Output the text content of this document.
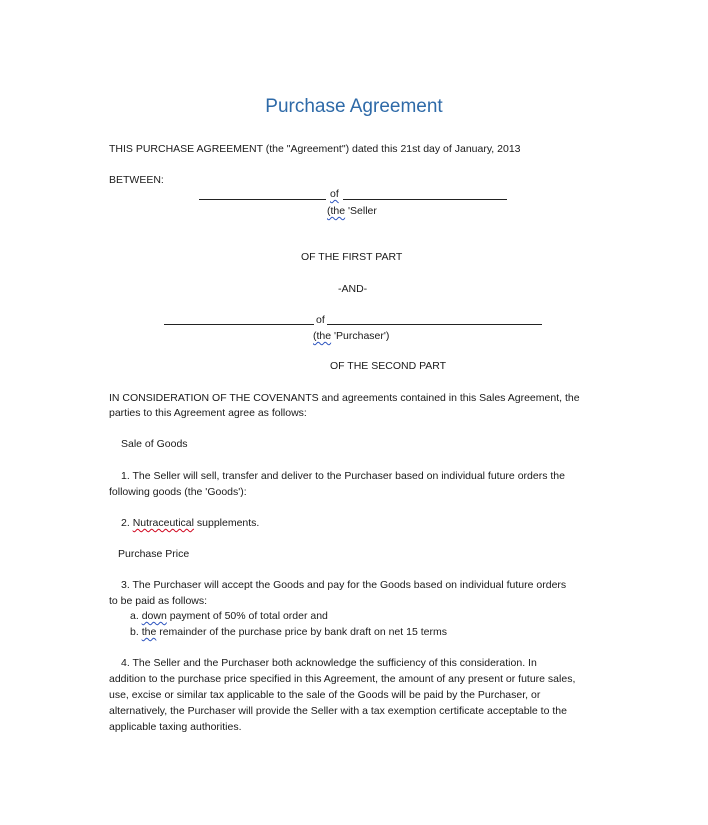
Purchase Agreement
THIS PURCHASE AGREEMENT (the "Agreement") dated this 21st day of January, 2013
BETWEEN:
of
(the 'Seller
OF THE FIRST PART
-AND-
of
(the 'Purchaser')
OF THE SECOND PART
IN CONSIDERATION OF THE COVENANTS and agreements contained in this Sales Agreement, the
parties to this Agreement agree as follows:
Sale of Goods
1. The Seller will sell, transfer and deliver to the Purchaser based on individual future orders the
following goods (the 'Goods'):
2. Nutraceutical supplements.
Purchase Price
3. The Purchaser will accept the Goods and pay for the Goods based on individual future orders
to be paid as follows:
a. down payment of 50% of total order and
b. the remainder of the purchase price by bank draft on net 15 terms
4. The Seller and the Purchaser both acknowledge the sufficiency of this consideration. In
addition to the purchase price specified in this Agreement, the amount of any present or future sales,
use, excise or similar tax applicable to the sale of the Goods will be paid by the Purchaser, or
alternatively, the Purchaser will provide the Seller with a tax exemption certificate acceptable to the
applicable taxing authorities.
